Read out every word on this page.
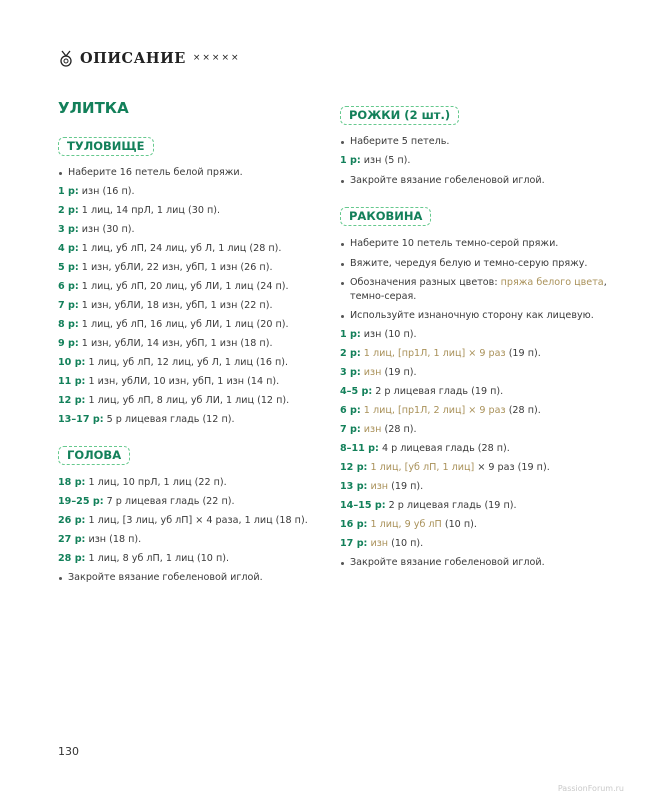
ОПИСАНИЕ ×××××
УЛИТКА
ТУЛОВИЩЕ
Наберите 16 петель белой пряжи.
1 р: изн (16 п).
2 р: 1 лиц, 14 прЛ, 1 лиц (30 п).
3 р: изн (30 п).
4 р: 1 лиц, уб лП, 24 лиц, уб Л, 1 лиц (28 п).
5 р: 1 изн, убЛИ, 22 изн, убП, 1 изн (26 п).
6 р: 1 лиц, уб лП, 20 лиц, уб ЛИ, 1 лиц (24 п).
7 р: 1 изн, убЛИ, 18 изн, убП, 1 изн (22 п).
8 р: 1 лиц, уб лП, 16 лиц, уб ЛИ, 1 лиц (20 п).
9 р: 1 изн, убЛИ, 14 изн, убП, 1 изн (18 п).
10 р: 1 лиц, уб лП, 12 лиц, уб Л, 1 лиц (16 п).
11 р: 1 изн, убЛИ, 10 изн, убП, 1 изн (14 п).
12 р: 1 лиц, уб лП, 8 лиц, уб ЛИ, 1 лиц (12 п).
13–17 р: 5 р лицевая гладь (12 п).
ГОЛОВА
18 р: 1 лиц, 10 прЛ, 1 лиц (22 п).
19–25 р: 7 р лицевая гладь (22 п).
26 р: 1 лиц, [3 лиц, уб лП] × 4 раза, 1 лиц (18 п).
27 р: изн (18 п).
28 р: 1 лиц, 8 уб лП, 1 лиц (10 п).
Закройте вязание гобеленовой иглой.
РОЖКИ (2 шт.)
Наберите 5 петель.
1 р: изн (5 п).
Закройте вязание гобеленовой иглой.
РАКОВИНА
Наберите 10 петель темно-серой пряжи.
Вяжите, чередуя белую и темно-серую пряжу.
Обозначения разных цветов: пряжа белого цвета,
темно-серая.
Используйте изнаночную сторону как лицевую.
1 р: изн (10 п).
2 р: 1 лиц, [пр1Л, 1 лиц] × 9 раз (19 п).
3 р: изн (19 п).
4–5 р: 2 р лицевая гладь (19 п).
6 р: 1 лиц, [пр1Л, 2 лиц] × 9 раз (28 п).
7 р: изн (28 п).
8–11 р: 4 р лицевая гладь (28 п).
12 р: 1 лиц, [уб лП, 1 лиц] × 9 раз (19 п).
13 р: изн (19 п).
14–15 р: 2 р лицевая гладь (19 п).
16 р: 1 лиц, 9 уб лП (10 п).
17 р: изн (10 п).
Закройте вязание гобеленовой иглой.
130
PassionForum.ru
